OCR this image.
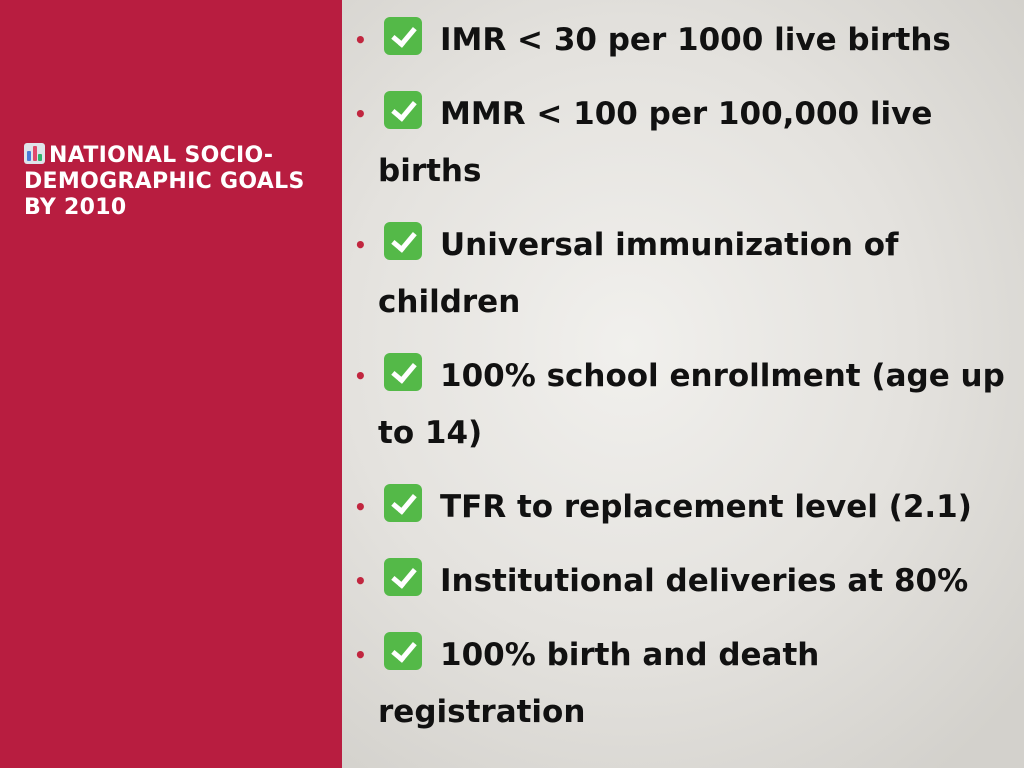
NATIONAL SOCIO-DEMOGRAPHIC GOALS BY 2010
• IMR < 30 per 1000 live births
• MMR < 100 per 100,000 live births
• Universal immunization of children
• 100% school enrollment (age up to 14)
• TFR to replacement level (2.1)
• Institutional deliveries at 80%
• 100% birth and death registration
